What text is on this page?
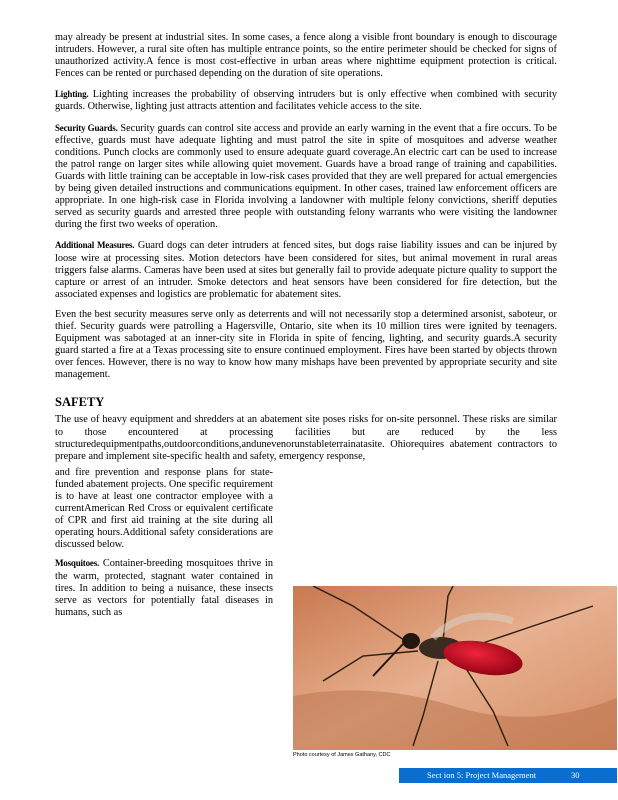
may already be present at industrial sites. In some cases, a fence along a visible front boundary is enough to discourage intruders. However, a rural site often has multiple entrance points, so the entire perimeter should be checked for signs of unauthorized activity.A fence is most cost-effective in urban areas where nighttime equipment protection is critical. Fences can be rented or purchased depending on the duration of site operations.

Lighting. Lighting increases the probability of observing intruders but is only effective when combined with security guards. Otherwise, lighting just attracts attention and facilitates vehicle access to the site.

Security Guards. Security guards can control site access and provide an early warning in the event that a fire occurs. To be effective, guards must have adequate lighting and must patrol the site in spite of mosquitoes and adverse weather conditions. Punch clocks are commonly used to ensure adequate guard coverage.An electric cart can be used to increase the patrol range on larger sites while allowing quiet movement. Guards have a broad range of training and capabilities. Guards with little training can be acceptable in low-risk cases provided that they are well prepared for actual emergencies by being given detailed instructions and communications equipment. In other cases, trained law enforcement officers are appropriate. In one high-risk case in Florida involving a landowner with multiple felony convictions, sheriff deputies served as security guards and arrested three people with outstanding felony warrants who were visiting the landowner during the first two weeks of operation.

Additional Measures. Guard dogs can deter intruders at fenced sites, but dogs raise liability issues and can be injured by loose wire at processing sites. Motion detectors have been considered for sites, but animal movement in rural areas triggers false alarms. Cameras have been used at sites but generally fail to provide adequate picture quality to support the capture or arrest of an intruder. Smoke detectors and heat sensors have been considered for fire detection, but the associated expenses and logistics are problematic for abatement sites.

Even the best security measures serve only as deterrents and will not necessarily stop a determined arsonist, saboteur, or thief. Security guards were patrolling a Hagersville, Ontario, site when its 10 million tires were ignited by teenagers. Equipment was sabotaged at an inner-city site in Florida in spite of fencing, lighting, and security guards.A security guard started a fire at a Texas processing site to ensure continued employment. Fires have been started by objects thrown over fences. However, there is no way to know how many mishaps have been prevented by appropriate security and site management.

SAFETY

The use of heavy equipment and shredders at an abatement site poses risks for on-site personnel. These risks are similar to those encountered at processing facilities but are reduced by the less structuredequipmentpaths,outdoorconditions,andunevenorunstableterrainatasite. Ohiorequires abatement contractors to prepare and implement site-specific health and safety, emergency response,

and fire prevention and response plans for state-funded abatement projects. One specific requirement is to have at least one contractor employee with a currentAmerican Red Cross or equivalent certificate of CPR and first aid training at the site during all operating hours.Additional safety considerations are discussed below.

Mosquitoes. Container-breeding mosquitoes thrive in the warm, protected, stagnant water contained in tires. In addition to being a nuisance, these insects serve as vectors for potentially fatal diseases in humans, such as

Photo courtesy of James Gathany, CDC
Sect ion 5: Project Management	30
